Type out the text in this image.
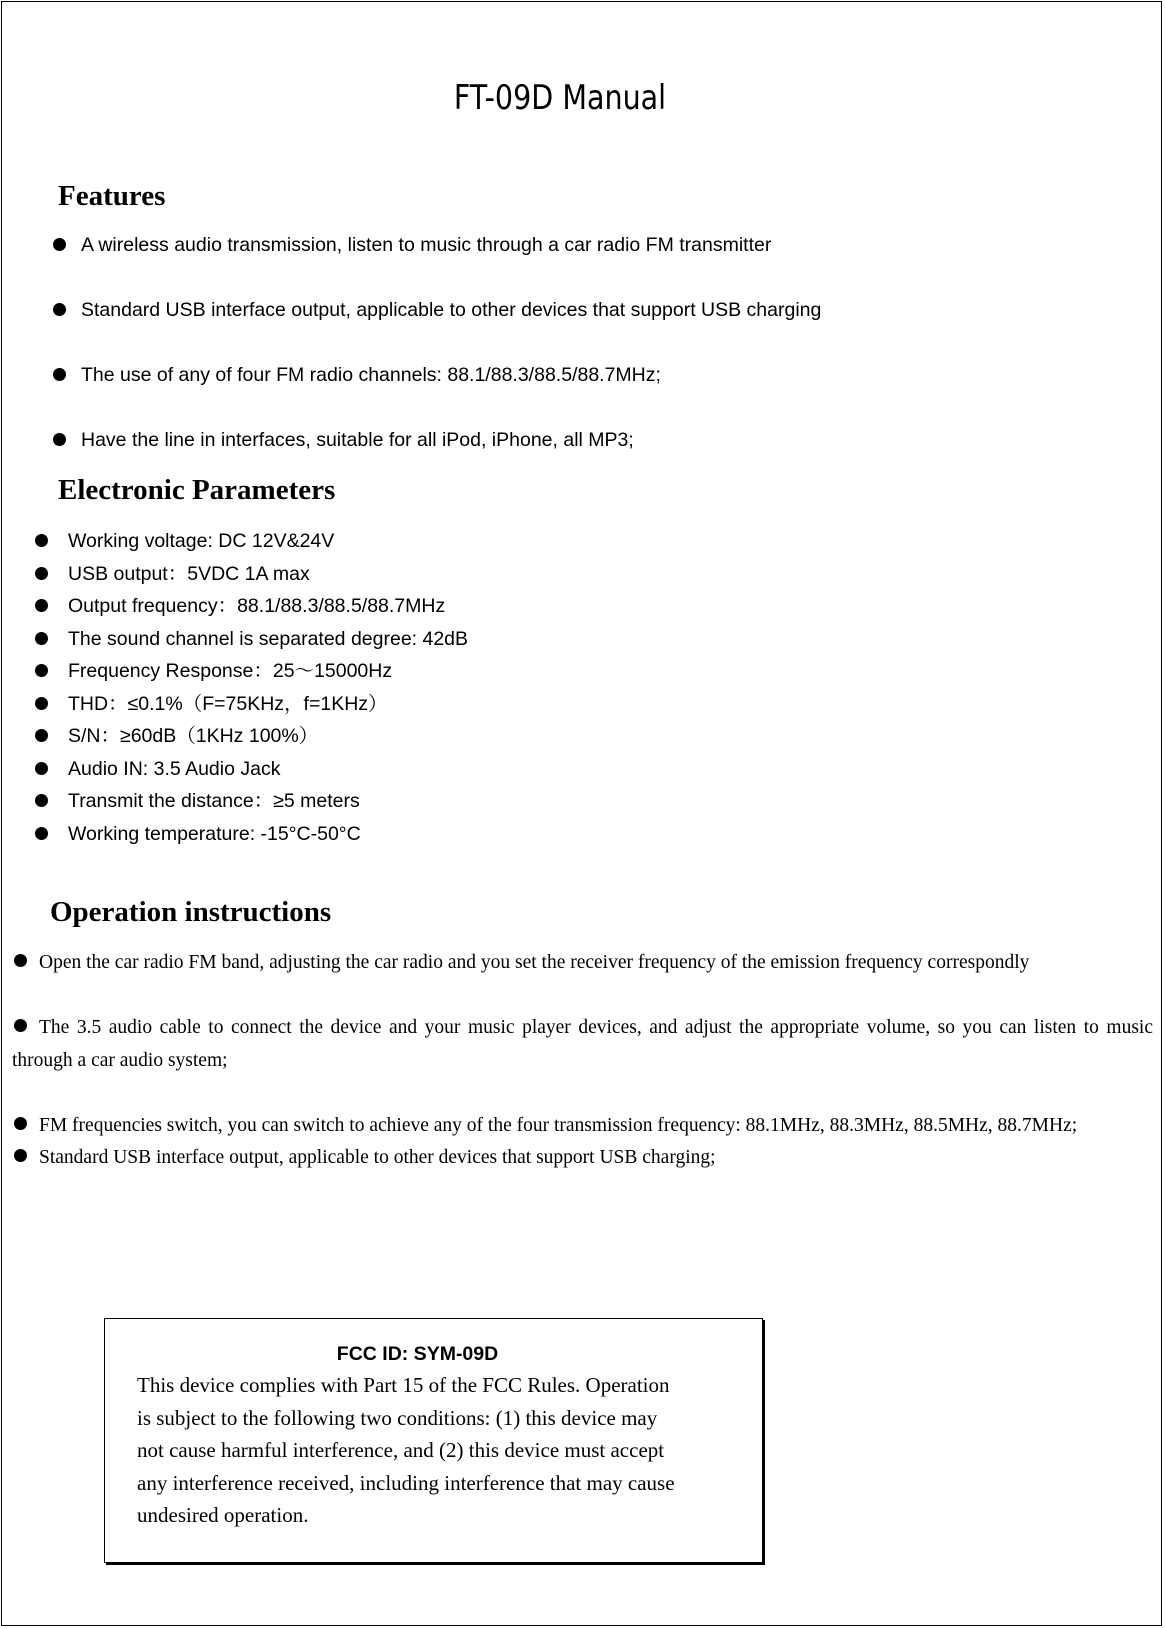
FT-09D Manual
Features
A wireless audio transmission, listen to music through a car radio FM transmitter
Standard USB interface output, applicable to other devices that support USB charging
The use of any of four FM radio channels: 88.1/88.3/88.5/88.7MHz;
Have the line in interfaces, suitable for all iPod, iPhone, all MP3;
Electronic Parameters
Working voltage: DC 12V&24V
USB output：5VDC 1A max
Output frequency：88.1/88.3/88.5/88.7MHz
The sound channel is separated degree: 42dB
Frequency Response：25～15000Hz
THD：≤0.1%（F=75KHz，f=1KHz）
S/N：≥60dB（1KHz 100%）
Audio IN: 3.5 Audio Jack
Transmit the distance：≥5 meters
Working temperature: -15°C-50°C
Operation instructions

Open the car radio FM band, adjusting the car radio and you set the receiver frequency of the emission frequency correspondly

The 3.5 audio cable to connect the device and your music player devices, and adjust the appropriate volume, so you can listen to music through a car audio system;

FM frequencies switch, you can switch to achieve any of the four transmission frequency: 88.1MHz, 88.3MHz, 88.5MHz, 88.7MHz;

Standard USB interface output, applicable to other devices that support USB charging;

FCC ID: SYM-09D
This device complies with Part 15 of the FCC Rules. Operation
is subject to the following two conditions: (1) this device may
not cause harmful interference, and (2) this device must accept
any interference received, including interference that may cause
undesired operation.
